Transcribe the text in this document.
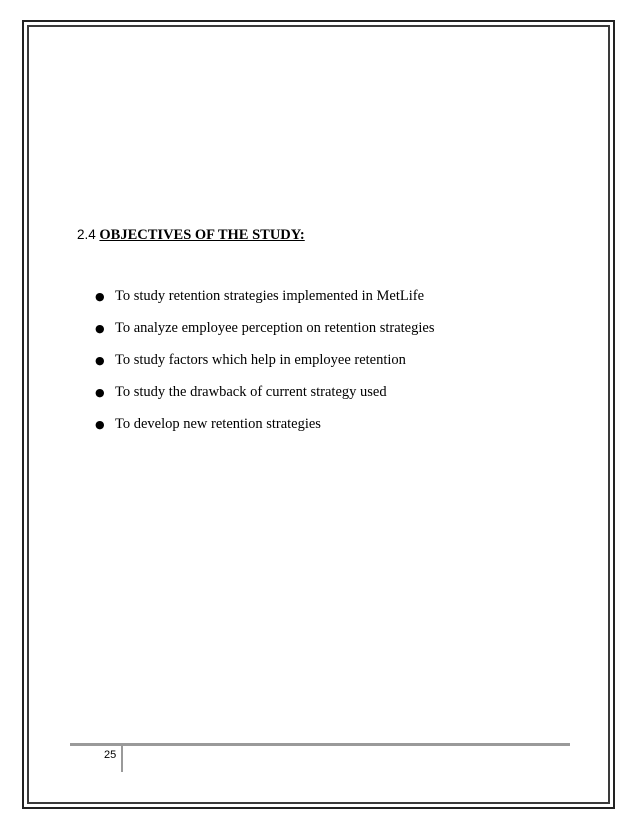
2.4 OBJECTIVES OF THE STUDY:
● To study retention strategies implemented in MetLife
● To analyze employee perception on retention strategies
● To study factors which help in employee retention
● To study the drawback of current strategy used
● To develop new retention strategies
25
